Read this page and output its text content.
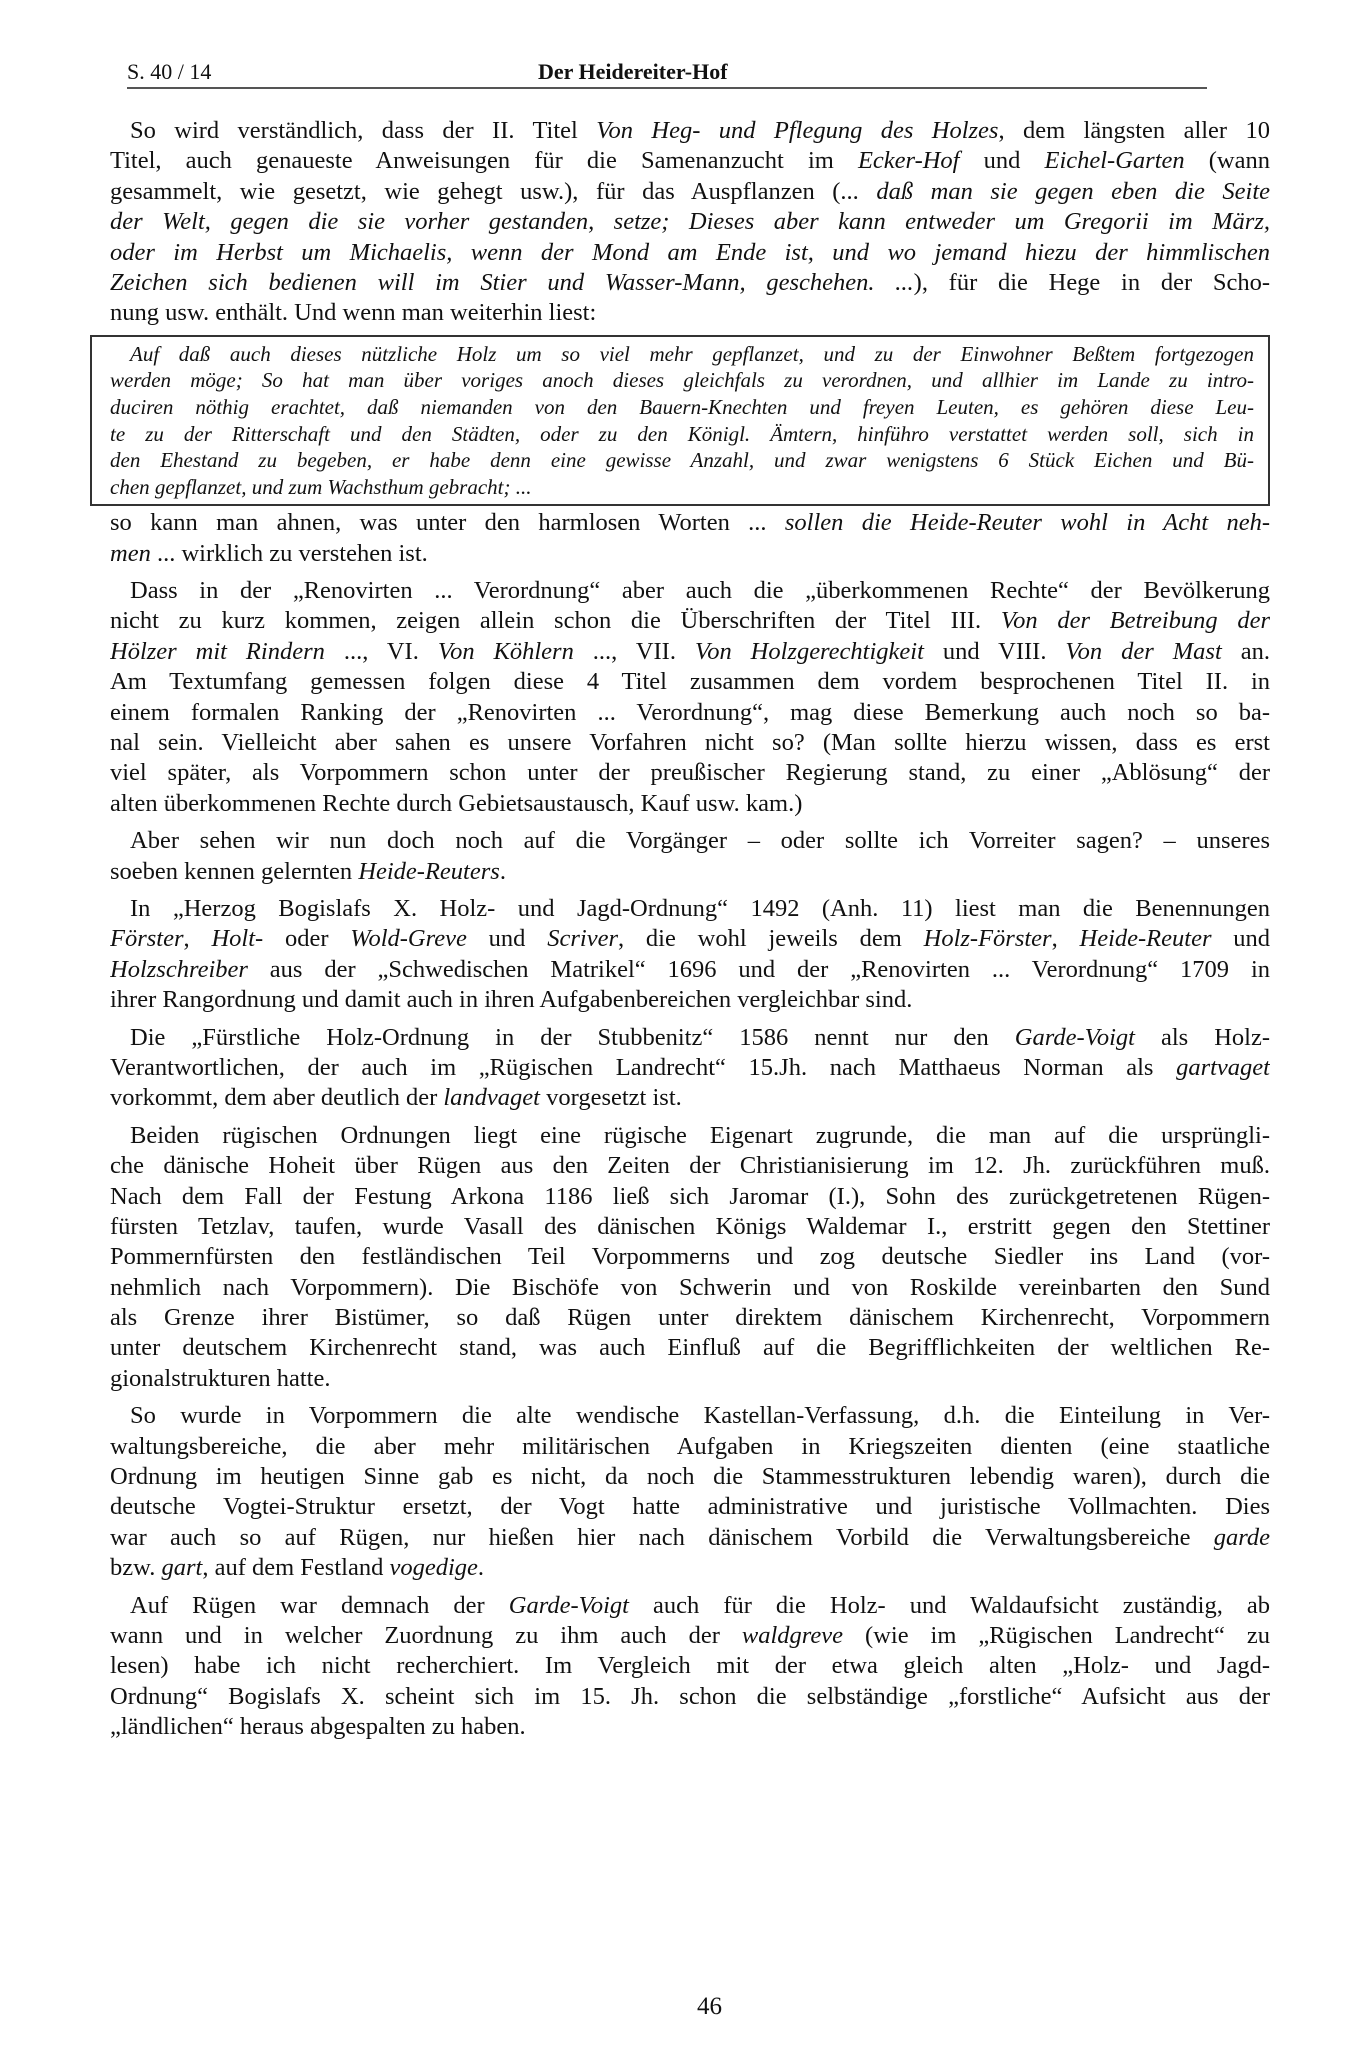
S. 40 / 14	Der Heidereiter-Hof
So wird verständlich, dass der II. Titel Von Heg- und Pflegung des Holzes, dem längsten aller 10
Titel, auch genaueste Anweisungen für die Samenanzucht im Ecker-Hof und Eichel-Garten (wann
gesammelt, wie gesetzt, wie gehegt usw.), für das Auspflanzen (... daß man sie gegen eben die Seite
der Welt, gegen die sie vorher gestanden, setze; Dieses aber kann entweder um Gregorii im März,
oder im Herbst um Michaelis, wenn der Mond am Ende ist, und wo jemand hiezu der himmlischen
Zeichen sich bedienen will im Stier und Wasser-Mann, geschehen. ...), für die Hege in der Scho-
nung usw. enthält. Und wenn man weiterhin liest:
Auf daß auch dieses nützliche Holz um so viel mehr gepflanzet, und zu der Einwohner Beßtem fortgezogen
werden möge; So hat man über voriges anoch dieses gleichfals zu verordnen, und allhier im Lande zu intro-
duciren nöthig erachtet, daß niemanden von den Bauern-Knechten und freyen Leuten, es gehören diese Leu-
te zu der Ritterschaft und den Städten, oder zu den Königl. Ämtern, hinführo verstattet werden soll, sich in
den Ehestand zu begeben, er habe denn eine gewisse Anzahl, und zwar wenigstens 6 Stück Eichen und Bü-
chen gepflanzet, und zum Wachsthum gebracht; ...
so kann man ahnen, was unter den harmlosen Worten ... sollen die Heide-Reuter wohl in Acht neh-
men ... wirklich zu verstehen ist.
Dass in der „Renovirten ... Verordnung“ aber auch die „überkommenen Rechte“ der Bevölkerung
nicht zu kurz kommen, zeigen allein schon die Überschriften der Titel III. Von der Betreibung der
Hölzer mit Rindern ..., VI. Von Köhlern ..., VII. Von Holzgerechtigkeit und VIII. Von der Mast an.
Am Textumfang gemessen folgen diese 4 Titel zusammen dem vordem besprochenen Titel II. in
einem formalen Ranking der „Renovirten ... Verordnung“, mag diese Bemerkung auch noch so ba-
nal sein. Vielleicht aber sahen es unsere Vorfahren nicht so? (Man sollte hierzu wissen, dass es erst
viel später, als Vorpommern schon unter der preußischer Regierung stand, zu einer „Ablösung“ der
alten überkommenen Rechte durch Gebietsaustausch, Kauf usw. kam.)
Aber sehen wir nun doch noch auf die Vorgänger – oder sollte ich Vorreiter sagen? – unseres
soeben kennen gelernten Heide-Reuters.
In „Herzog Bogislafs X. Holz- und Jagd-Ordnung“ 1492 (Anh. 11) liest man die Benennungen
Förster, Holt- oder Wold-Greve und Scriver, die wohl jeweils dem Holz-Förster, Heide-Reuter und
Holzschreiber aus der „Schwedischen Matrikel“ 1696 und der „Renovirten ... Verordnung“ 1709 in
ihrer Rangordnung und damit auch in ihren Aufgabenbereichen vergleichbar sind.
Die „Fürstliche Holz-Ordnung in der Stubbenitz“ 1586 nennt nur den Garde-Voigt als Holz-
Verantwortlichen, der auch im „Rügischen Landrecht“ 15.Jh. nach Matthaeus Norman als gartvaget
vorkommt, dem aber deutlich der landvaget vorgesetzt ist.
Beiden rügischen Ordnungen liegt eine rügische Eigenart zugrunde, die man auf die ursprüngli-
che dänische Hoheit über Rügen aus den Zeiten der Christianisierung im 12. Jh. zurückführen muß.
Nach dem Fall der Festung Arkona 1186 ließ sich Jaromar (I.), Sohn des zurückgetretenen Rügen-
fürsten Tetzlav, taufen, wurde Vasall des dänischen Königs Waldemar I., erstritt gegen den Stettiner
Pommernfürsten den festländischen Teil Vorpommerns und zog deutsche Siedler ins Land (vor-
nehmlich nach Vorpommern). Die Bischöfe von Schwerin und von Roskilde vereinbarten den Sund
als Grenze ihrer Bistümer, so daß Rügen unter direktem dänischem Kirchenrecht, Vorpommern
unter deutschem Kirchenrecht stand, was auch Einfluß auf die Begrifflichkeiten der weltlichen Re-
gionalstrukturen hatte.
So wurde in Vorpommern die alte wendische Kastellan-Verfassung, d.h. die Einteilung in Ver-
waltungsbereiche, die aber mehr militärischen Aufgaben in Kriegszeiten dienten (eine staatliche
Ordnung im heutigen Sinne gab es nicht, da noch die Stammesstrukturen lebendig waren), durch die
deutsche Vogtei-Struktur ersetzt, der Vogt hatte administrative und juristische Vollmachten. Dies
war auch so auf Rügen, nur hießen hier nach dänischem Vorbild die Verwaltungsbereiche garde
bzw. gart, auf dem Festland vogedige.
Auf Rügen war demnach der Garde-Voigt auch für die Holz- und Waldaufsicht zuständig, ab
wann und in welcher Zuordnung zu ihm auch der waldgreve (wie im „Rügischen Landrecht“ zu
lesen) habe ich nicht recherchiert. Im Vergleich mit der etwa gleich alten „Holz- und Jagd-
Ordnung“ Bogislafs X. scheint sich im 15. Jh. schon die selbständige „forstliche“ Aufsicht aus der
„ländlichen“ heraus abgespalten zu haben.
46
